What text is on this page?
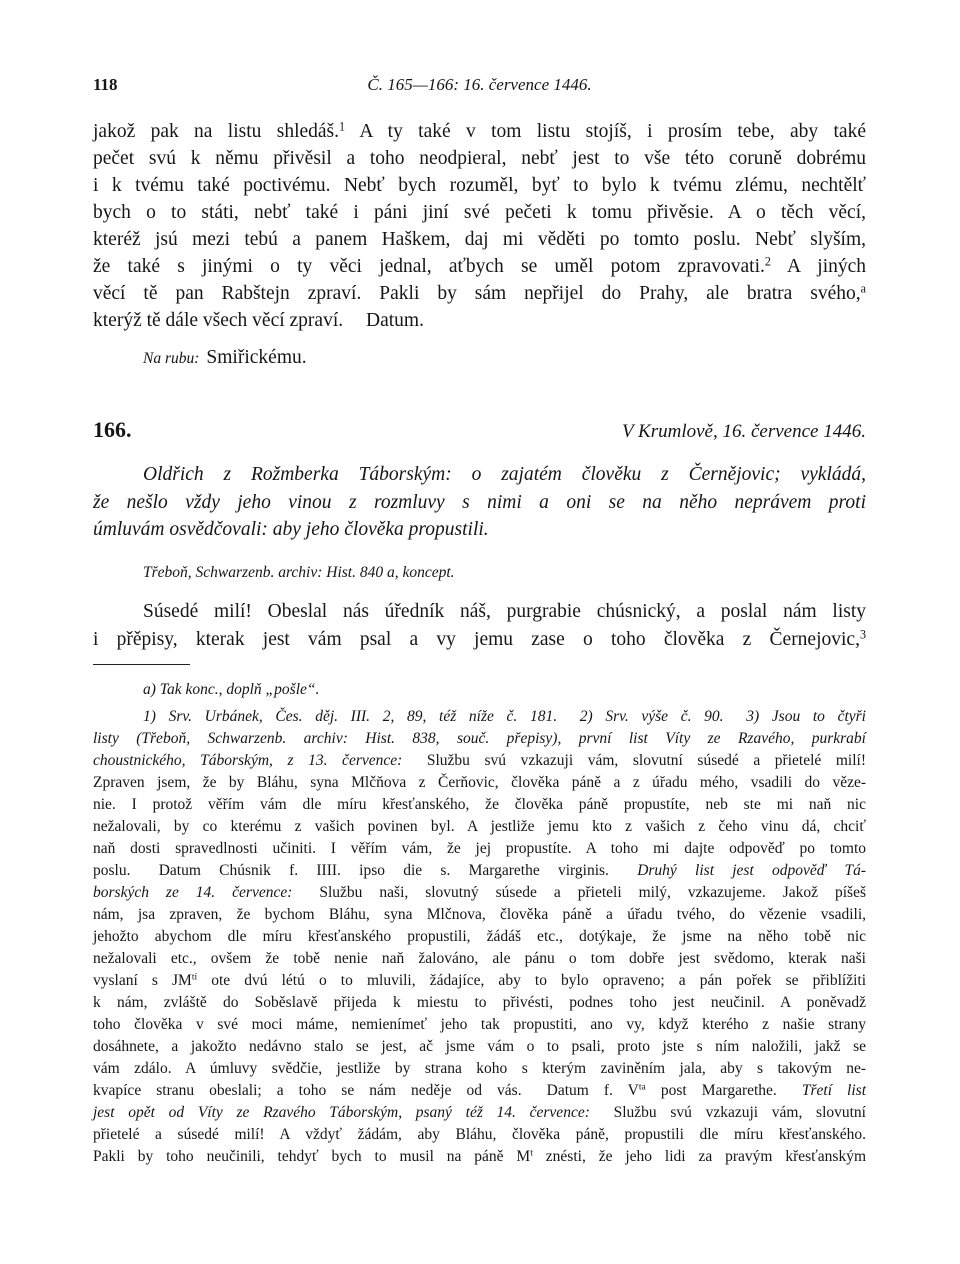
118	Č. 165—166: 16. července 1446.
jakož pak na listu shledáš.$^1$ A ty také v tom listu stojíš, i prosím tebe, aby také
pečet svú k němu přivěsil a toho neodpieral, nebť jest to vše této coruně dobrému
i k tvému také poctivému. Nebť bych rozuměl, byť to bylo k tvému zlému, nechtělť
bych o to státi, nebť také i páni jiní své pečeti k tomu přivěsie. A o těch věcí,
kteréž jsú mezi tebú a panem Haškem, daj mi věděti po tomto poslu. Nebť slyším,
že také s jinými o ty věci jednal, aťbych se uměl potom zpravovati.$^2$ A jiných
věcí tě pan Rabštejn zpraví. Pakli by sám nepřijel do Prahy, ale bratra svého,$^a$
kterýž tě dále všech věcí zpraví. Datum.
Na rubu: Smiřickému.
166.	V Krumlově, 16. července 1446.
Oldřich z Rožmberka Táborským: o zajatém člověku z Černějovic; vykládá,
že nešlo vždy jeho vinou z rozmluvy s nimi a oni se na něho neprávem proti
úmluvám osvědčovali: aby jeho člověka propustili.
Třeboň, Schwarzenb. archiv: Hist. 840 a, koncept.
Súsedé milí! Obeslal nás úředník náš, purgrabie chúsnický, a poslal nám listy
i přěpisy, kterak jest vám psal a vy jemu zase o toho člověka z Černejovic,$^3$
a) Tak konc., doplň „pošle“.
1) Srv. Urbánek, Čes. děj. III. 2, 89, též níže č. 181. 2) Srv. výše č. 90. 3) Jsou to čtyři
listy (Třeboň, Schwarzenb. archiv: Hist. 838, souč. přepisy), první list Víty ze Rzavého, purkrabí
choustnického, Táborským, z 13. července: Službu svú vzkazuji vám, slovutní súsedé a přietelé milí!
Zpraven jsem, že by Bláhu, syna Mlčňova z Čerňovic, člověka páně a z úřadu mého, vsadili do věze-
nie. I protož věřím vám dle míru křesťanského, že člověka páně propustíte, neb ste mi naň nic
nežalovali, by co kterému z vašich povinen byl. A jestliže jemu kto z vašich z čeho vinu dá, chciť
naň dosti spravedlnosti učiniti. I věřím vám, že jej propustíte. A toho mi dajte odpověď po tomto
poslu. Datum Chúsnik f. IIII. ipso die s. Margarethe virginis. Druhý list jest odpověď Tá-
borských ze 14. července: Službu naši, slovutný súsede a přieteli milý, vzkazujeme. Jakož píšeš
nám, jsa zpraven, že bychom Bláhu, syna Mlčnova, člověka páně a úřadu tvého, do vězenie vsadili,
jehožto abychom dle míru křesťanského propustili, žádáš etc., dotýkaje, že jsme na něho tobě nic
nežalovali etc., ovšem že tobě nenie naň žalováno, ale pánu o tom dobře jest svědomo, kterak naši
vyslaní s $JM^{tí}$ ote dvú létú o to mluvili, žádajíce, aby to bylo opraveno; a pán pořek se přiblížiti
k nám, zvláště do Soběslavě přijeda k miestu to přivésti, podnes toho jest neučinil. A poněvadž
toho člověka v své moci máme, nemienímeť jeho tak propustiti, ano vy, když kterého z našie strany
dosáhnete, a jakožto nedávno stalo se jest, ač jsme vám o to psali, proto jste s ním naložili, jakž se
vám zdálo. A úmluvy svědčie, jestliže by strana koho s kterým zaviněním jala, aby s takovým ne-
kvapíce stranu obeslali; a toho se nám neděje od vás. Datum f. $V^{ta}$ post Margarethe. Třetí list
jest opět od Víty ze Rzavého Táborským, psaný též 14. července: Službu svú vzkazuji vám, slovutní
přietelé a súsedé milí! A vždyť žádám, aby Bláhu, člověka páně, propustili dle míru křesťanského.
Pakli by toho neučinili, tehdyť bych to musil na páně $M^t$ znésti, že jeho lidi za pravým křesťanským
